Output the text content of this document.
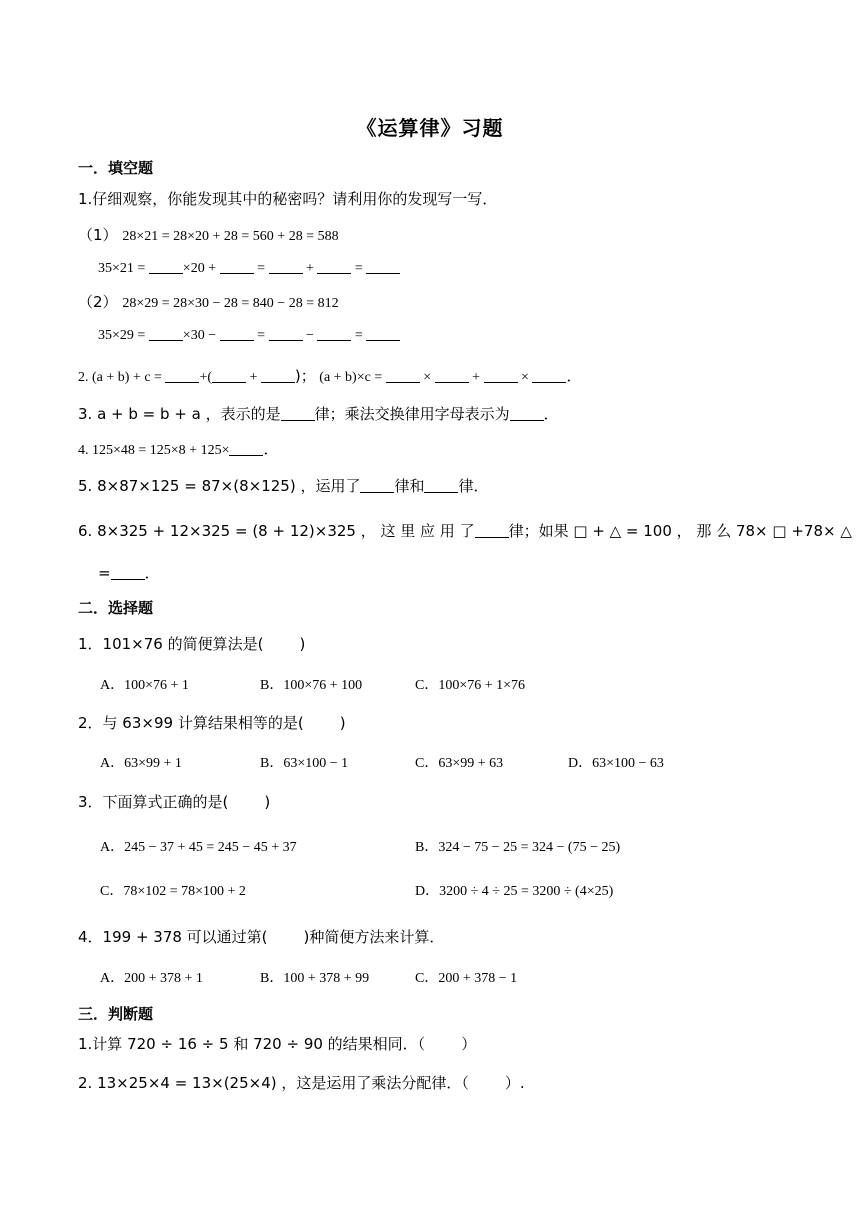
《运算律》习题
一．填空题
1.仔细观察，你能发现其中的秘密吗？请利用你的发现写一写．
（1） 28×21 = 28×20 + 28 = 560 + 28 = 588
35×21 =	×20 +	=	+	=
（2） 28×29 = 28×30 − 28 = 840 − 28 = 812
35×29 =	×30 −	=	−	=
2. (a + b) + c =	+(	+	)； (a + b)×c =	×	+	×	．
3. a + b = b + a ，表示的是 律；乘法交换律用字母表示为 ．
4. 125×48 = 125×8 + 125× ．
5. 8×87×125 = 87×(8×125) ，运用了 律和 律．
6. 8×325 + 12×325 = (8 + 12)×325 ， 这 里 应 用 了 律；如果 □ + △ = 100 ， 那 么 78× □ +78× △
= ．
二．选择题
1．101×76 的简便算法是( )
A．100×76 + 1	B．100×76 + 100	C．100×76 + 1×76
2．与 63×99 计算结果相等的是( )
A．63×99 + 1	B．63×100 − 1	C．63×99 + 63	D．63×100 − 63
3．下面算式正确的是( )
A．245 − 37 + 45 = 245 − 45 + 37	B．324 − 75 − 25 = 324 − (75 − 25)
C．78×102 = 78×100 + 2	D．3200 ÷ 4 ÷ 25 = 3200 ÷ (4×25)
4．199 + 378 可以通过第( )种简便方法来计算．
A．200 + 378 + 1	B．100 + 378 + 99	C．200 + 378 − 1
三．判断题
1.计算 720 ÷ 16 ÷ 5 和 720 ÷ 90 的结果相同．（ ）
2. 13×25×4 = 13×(25×4) ，这是运用了乘法分配律．（ ）.
